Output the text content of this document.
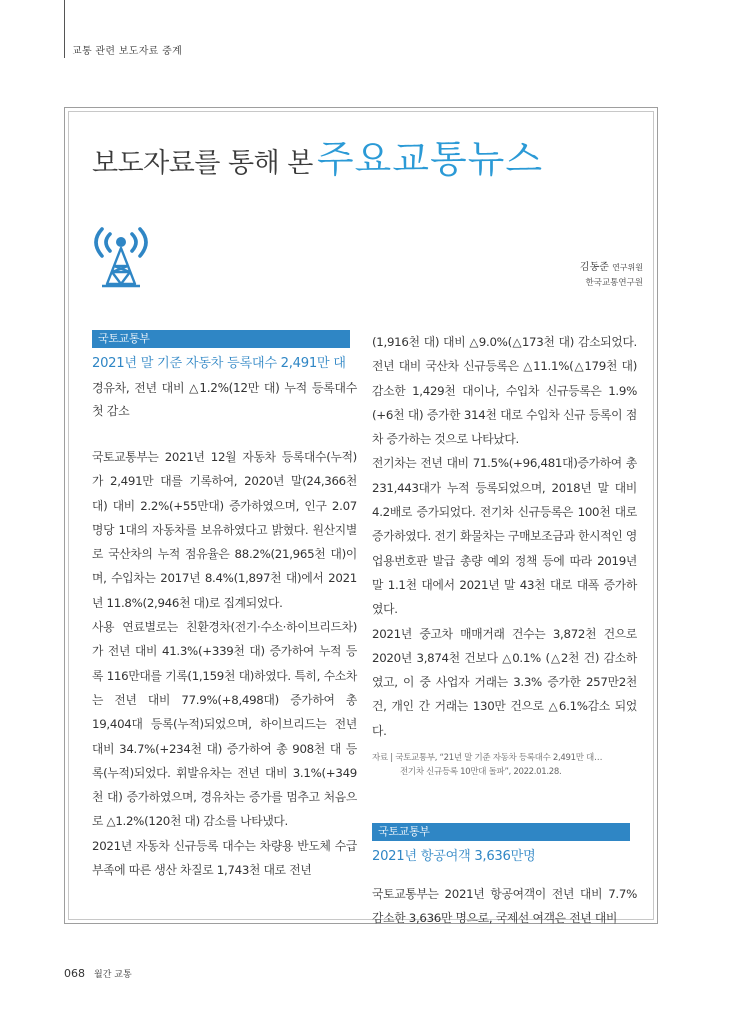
교통 관련 보도자료 중계
보도자료를 통해 본 주요교통뉴스
김동준 연구위원
한국교통연구원
국토교통부
2021년 말 기준 자동차 등록대수 2,491만 대

경유차, 전년 대비 △1.2%(12만 대) 누적 등록대수 첫 감소

국토교통부는 2021년 12월 자동차 등록대수(누적)가 2,491만 대를 기록하여, 2020년 말(24,366천 대) 대비 2.2%(+55만대) 증가하였으며, 인구 2.07명당 1대의 자동차를 보유하였다고 밝혔다. 원산지별로 국산차의 누적 점유율은 88.2%(21,965천 대)이며, 수입차는 2017년 8.4%(1,897천 대)에서 2021년 11.8%(2,946천 대)로 집계되었다.

사용 연료별로는 친환경차(전기·수소·하이브리드차)가 전년 대비 41.3%(+339천 대) 증가하여 누적 등록 116만대를 기록(1,159천 대)하였다. 특히, 수소차는 전년 대비 77.9%(+8,498대) 증가하여 총 19,404대 등록(누적)되었으며, 하이브리드는 전년 대비 34.7%(+234천 대) 증가하여 총 908천 대 등록(누적)되었다. 휘발유차는 전년 대비 3.1%(+349천 대) 증가하였으며, 경유차는 증가를 멈추고 처음으로 △1.2%(120천 대) 감소를 나타냈다.

2021년 자동차 신규등록 대수는 차량용 반도체 수급 부족에 따른 생산 차질로 1,743천 대로 전년

(1,916천 대) 대비 △9.0%(△173천 대) 감소되었다. 전년 대비 국산차 신규등록은 △11.1%(△179천 대) 감소한 1,429천 대이나, 수입차 신규등록은 1.9%(+6천 대) 증가한 314천 대로 수입차 신규 등록이 점차 증가하는 것으로 나타났다.

전기차는 전년 대비 71.5%(+96,481대)증가하여 총 231,443대가 누적 등록되었으며, 2018년 말 대비 4.2배로 증가되었다. 전기차 신규등록은 100천 대로 증가하였다. 전기 화물차는 구매보조금과 한시적인 영업용번호판 발급 총량 예외 정책 등에 따라 2019년 말 1.1천 대에서 2021년 말 43천 대로 대폭 증가하였다.

2021년 중고차 매매거래 건수는 3,872천 건으로 2020년 3,874천 건보다 △0.1% (△2천 건) 감소하였고, 이 중 사업자 거래는 3.3% 증가한 257만2천 건, 개인 간 거래는 130만 건으로 △6.1%감소 되었다.

자료 | 국토교통부, “21년 말 기준 자동차 등록대수 2,491만 대…
전기차 신규등록 10만대 돌파”, 2022.01.28.
국토교통부
2021년 항공여객 3,636만명

국토교통부는 2021년 항공여객이 전년 대비 7.7% 감소한 3,636만 명으로, 국제선 여객은 전년 대비

068 월간 교통
